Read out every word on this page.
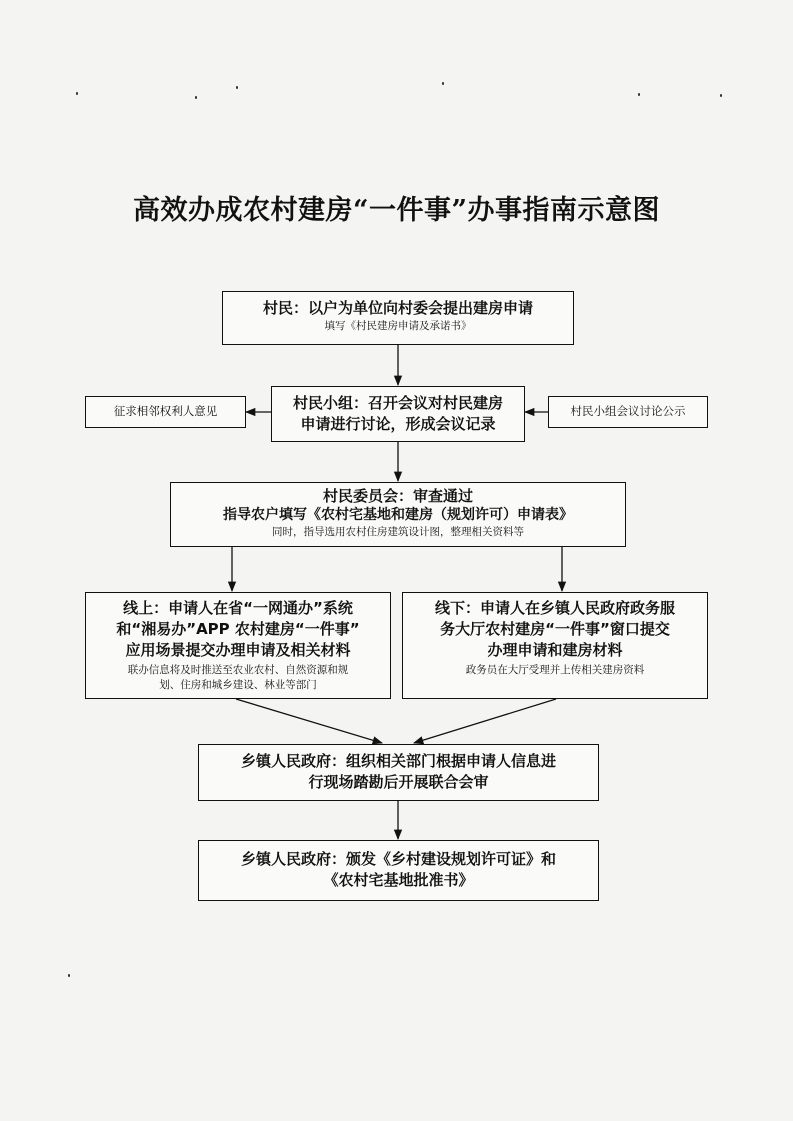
高效办成农村建房“一件事”办事指南示意图
村民：以户为单位向村委会提出建房申请
填写《村民建房申请及承诺书》
村民小组：召开会议对村民建房
申请进行讨论，形成会议记录
征求相邻权利人意见	村民小组会议讨论公示
村民委员会：审查通过
指导农户填写《农村宅基地和建房（规划许可）申请表》
同时，指导选用农村住房建筑设计图，整理相关资料等
线上：申请人在省“一网通办”系统
和“湘易办”APP 农村建房“一件事”
应用场景提交办理申请及相关材料
联办信息将及时推送至农业农村、自然资源和规
划、住房和城乡建设、林业等部门
线下：申请人在乡镇人民政府政务服
务大厅农村建房“一件事”窗口提交
办理申请和建房材料
政务员在大厅受理并上传相关建房资料
乡镇人民政府：组织相关部门根据申请人信息进
行现场踏勘后开展联合会审
乡镇人民政府：颁发《乡村建设规划许可证》和
《农村宅基地批准书》
